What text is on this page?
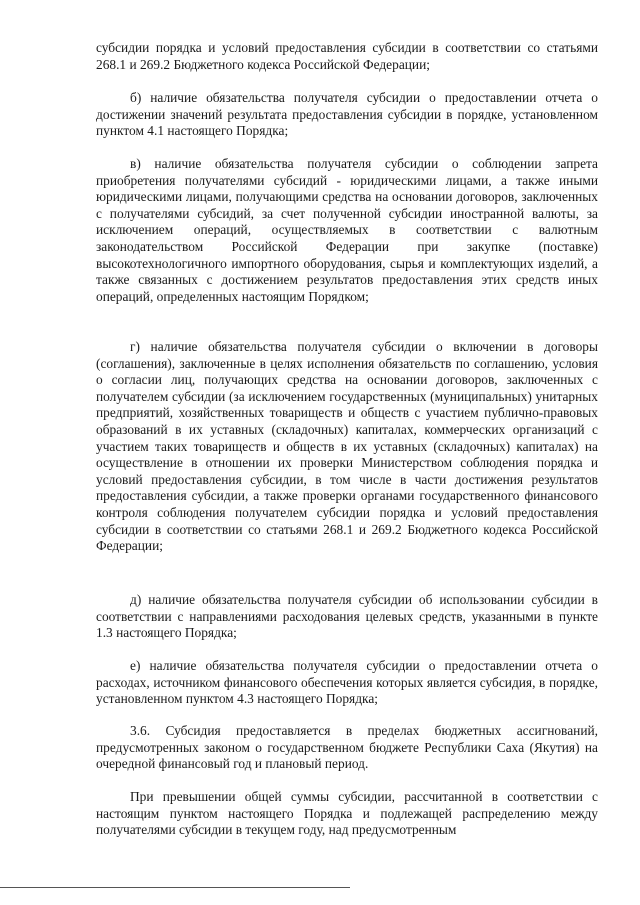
субсидии порядка и условий предоставления субсидии в соответствии со статьями 268.1 и 269.2 Бюджетного кодекса Российской Федерации;

б) наличие обязательства получателя субсидии о предоставлении отчета о достижении значений результата предоставления субсидии в порядке, установленном пунктом 4.1 настоящего Порядка;

в) наличие обязательства получателя субсидии о соблюдении запрета приобретения получателями субсидий - юридическими лицами, а также иными юридическими лицами, получающими средства на основании договоров, заключенных с получателями субсидий, за счет полученной субсидии иностранной валюты, за исключением операций, осуществляемых в соответствии с валютным законодательством Российской Федерации при закупке (поставке) высокотехнологичного импортного оборудования, сырья и комплектующих изделий, а также связанных с достижением результатов предоставления этих средств иных операций, определенных настоящим Порядком;

г) наличие обязательства получателя субсидии о включении в договоры (соглашения), заключенные в целях исполнения обязательств по соглашению, условия о согласии лиц, получающих средства на основании договоров, заключенных с получателем субсидии (за исключением государственных (муниципальных) унитарных предприятий, хозяйственных товариществ и обществ с участием публично-правовых образований в их уставных (складочных) капиталах, коммерческих организаций с участием таких товариществ и обществ в их уставных (складочных) капиталах) на осуществление в отношении их проверки Министерством соблюдения порядка и условий предоставления субсидии, в том числе в части достижения результатов предоставления субсидии, а также проверки органами государственного финансового контроля соблюдения получателем субсидии порядка и условий предоставления субсидии в соответствии со статьями 268.1 и 269.2 Бюджетного кодекса Российской Федерации;

д) наличие обязательства получателя субсидии об использовании субсидии в соответствии с направлениями расходования целевых средств, указанными в пункте 1.3 настоящего Порядка;

е) наличие обязательства получателя субсидии о предоставлении отчета о расходах, источником финансового обеспечения которых является субсидия, в порядке, установленном пунктом 4.3 настоящего Порядка;

3.6. Субсидия предоставляется в пределах бюджетных ассигнований, предусмотренных законом о государственном бюджете Республики Саха (Якутия) на очередной финансовый год и плановый период.

При превышении общей суммы субсидии, рассчитанной в соответствии с настоящим пунктом настоящего Порядка и подлежащей распределению между получателями субсидии в текущем году, над предусмотренным
